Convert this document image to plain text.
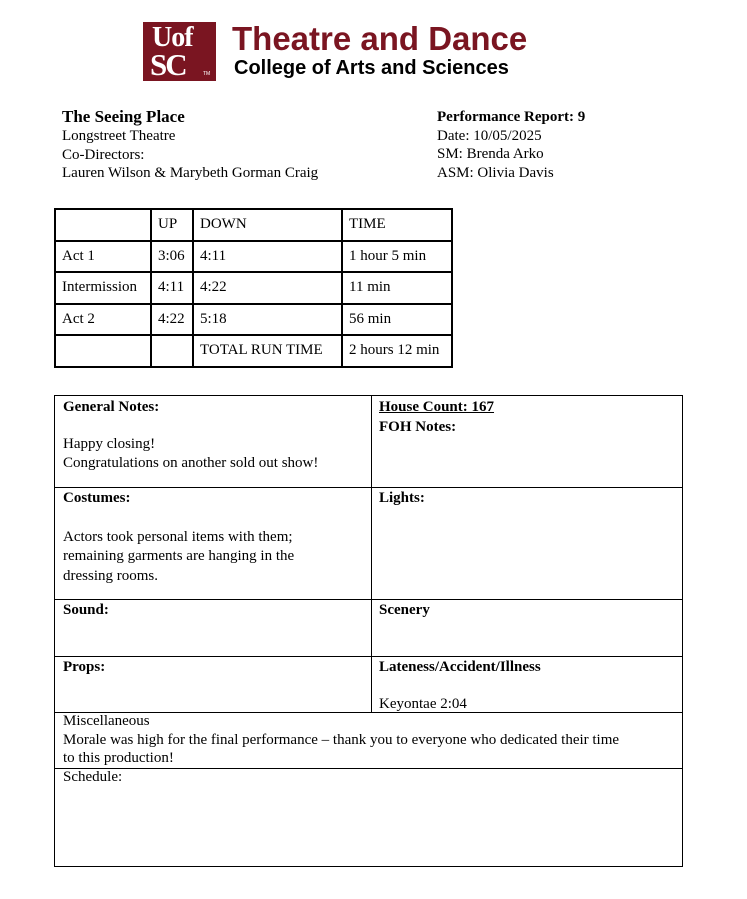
Uof
SC	TM
Theatre and Dance
College of Arts and Sciences
The Seeing Place
Longstreet Theatre
Co-Directors:
Lauren Wilson & Marybeth Gorman Craig
Performance Report: 9
Date: 10/05/2025
SM: Brenda Arko
ASM: Olivia Davis
	UP	DOWN	TIME
Act 1	3:06	4:11	1 hour 5 min
Intermission	4:11	4:22	11 min
Act 2	4:22	5:18	56 min
		TOTAL RUN TIME	2 hours 12 min
General Notes:
Happy closing!
Congratulations on another sold out show!
House Count: 167
FOH Notes:
Costumes:
Actors took personal items with them;
remaining garments are hanging in the
dressing rooms.
Lights:
Sound:	Scenery
Props:	Lateness/Accident/Illness
Keyontae 2:04
Miscellaneous
Morale was high for the final performance – thank you to everyone who dedicated their time
to this production!
Schedule:
